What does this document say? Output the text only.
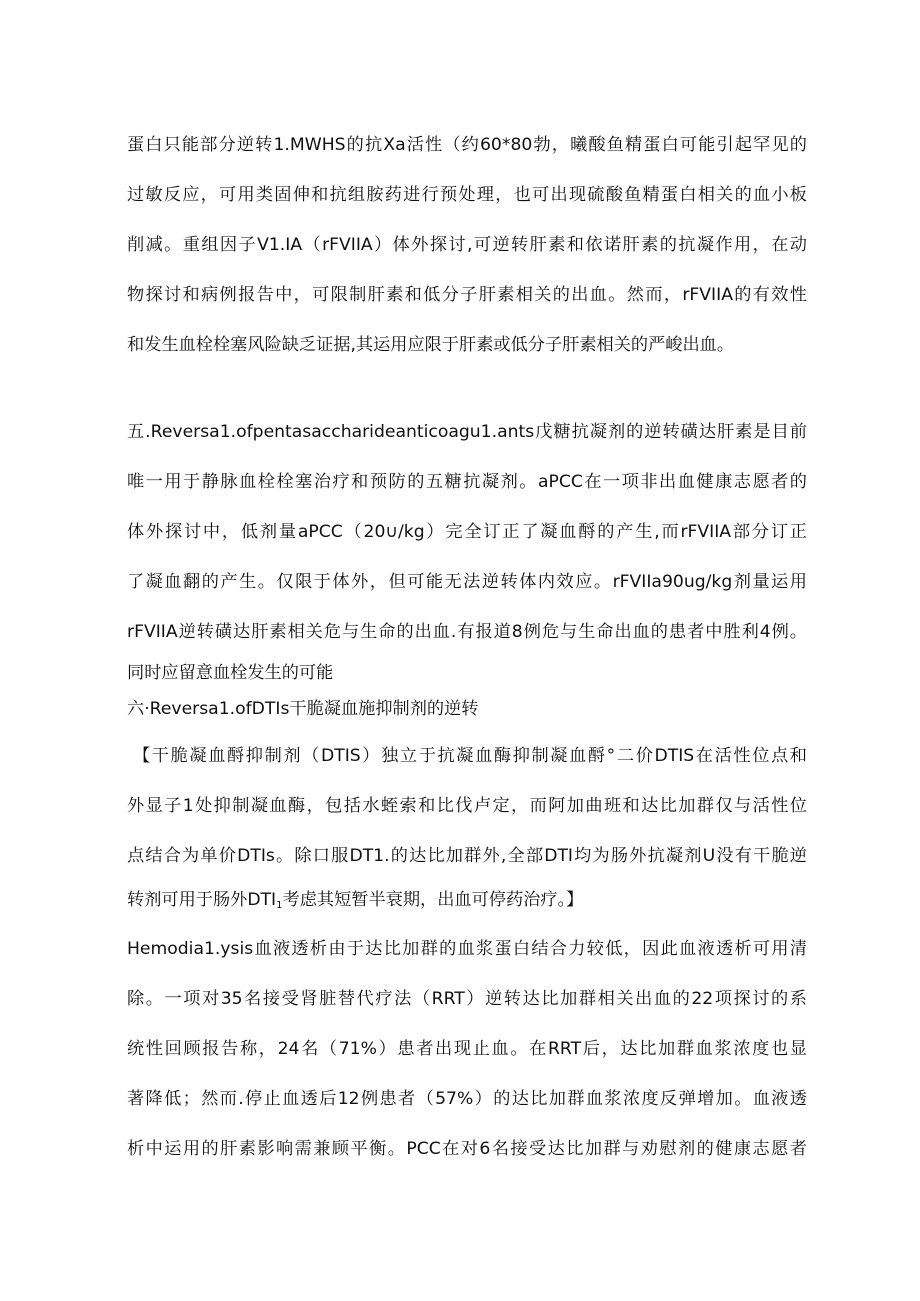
蛋白只能部分逆转1.MWHS的抗Xa活性（约60*80勃，曦酸鱼精蛋白可能引起罕见的
过敏反应，可用类固伸和抗组胺药进行预处理，也可出现硫酸鱼精蛋白相关的血小板
削减。重组因子V1.IA（rFVIIA）体外探讨,可逆转肝素和依诺肝素的抗凝作用，在动
物探讨和病例报告中，可限制肝素和低分子肝素相关的出血。然而，rFVIIA的有效性
和发生血栓栓塞风险缺乏证据,其运用应限于肝素或低分子肝素相关的严峻出血。
五.Reversa1.ofpentasaccharideanticoagu1.ants戊糖抗凝剂的逆转磺达肝素是目前
唯一用于静脉血栓栓塞治疗和预防的五糖抗凝剂。aPCC在一项非出血健康志愿者的
体外探讨中，低剂量aPCC（20∪/kg）完全订正了凝血酹的产生,而rFVIIA部分订正
了凝血翻的产生。仅限于体外，但可能无法逆转体内效应。rFVIIa90ug/kg剂量运用
rFVIIA逆转磺达肝素相关危与生命的出血.有报道8例危与生命出血的患者中胜利4例。
同时应留意血栓发生的可能
六·Reversa1.ofDTIs干脆凝血施抑制剂的逆转
【干脆凝血酹抑制剂（DTIS）独立于抗凝血酶抑制凝血酹°二价DTIS在活性位点和
外显子1处抑制凝血酶，包括水蛭索和比伐卢定，而阿加曲班和达比加群仅与活性位
点结合为单价DTIs。除口服DT1.的达比加群外,全部DTI均为肠外抗凝剂U没有干脆逆
转剂可用于肠外$DTI_1$考虑其短暂半衰期，出血可停药治疗。】
Hemodia1.ysis血液透析由于达比加群的血浆蛋白结合力较低，因此血液透析可用清
除。一项对35名接受肾脏替代疗法（RRT）逆转达比加群相关出血的22项探讨的系
统性回顾报告称，24名（71%）患者出现止血。在RRT后，达比加群血浆浓度也显
著降低；然而.停止血透后12例患者（57%）的达比加群血浆浓度反弹增加。血液透
析中运用的肝素影响需兼顾平衡。PCC在对6名接受达比加群与劝慰剂的健康志愿者
